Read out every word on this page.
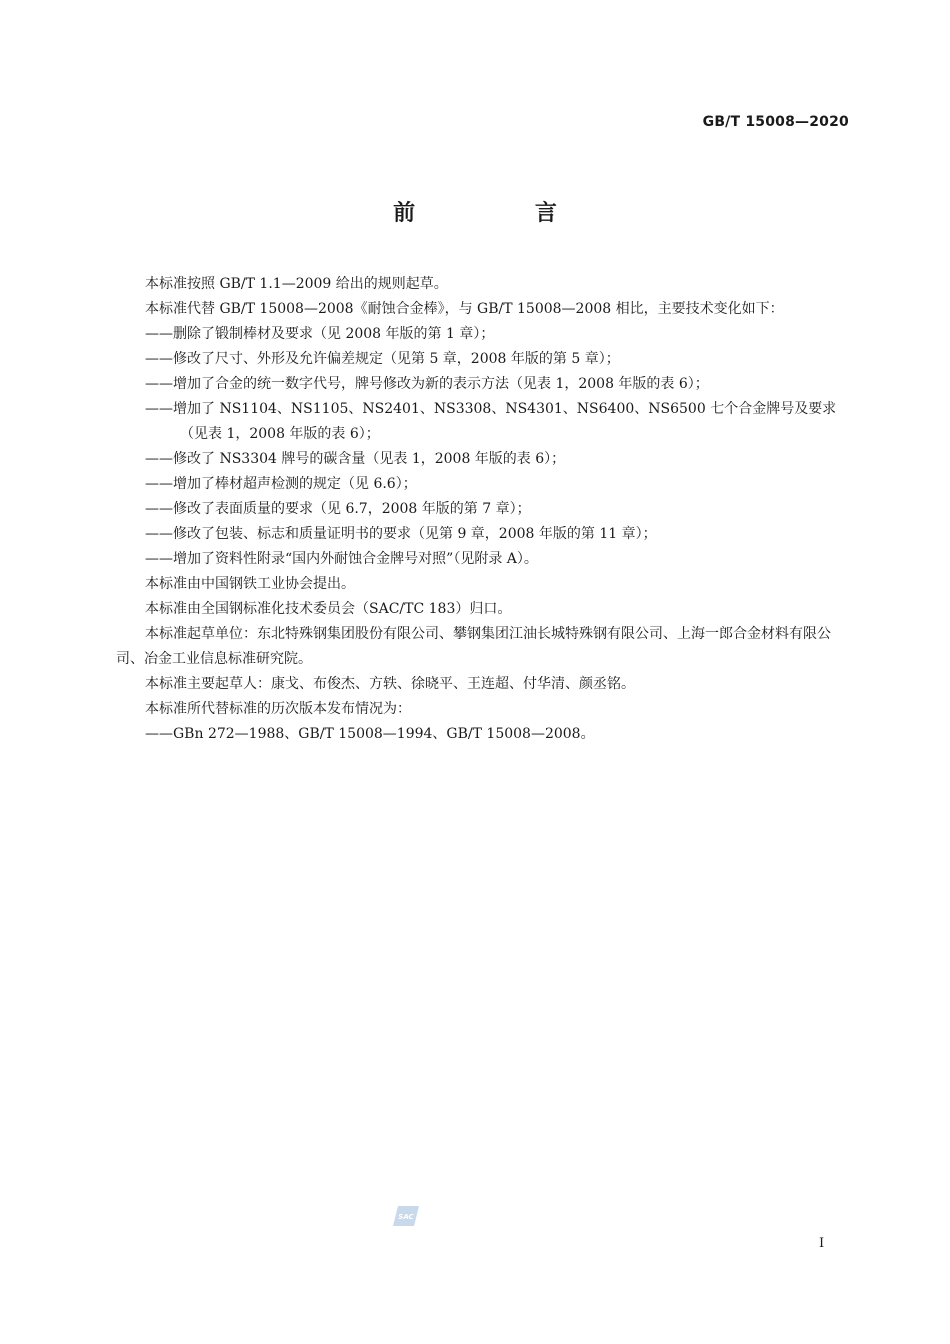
GB/T 15008—2020
前 言

本标准按照 GB/T 1.1—2009 给出的规则起草。

本标准代替 GB/T 15008—2008《耐蚀合金棒》，与 GB/T 15008—2008 相比，主要技术变化如下：

——删除了锻制棒材及要求（见 2008 年版的第 1 章）；

——修改了尺寸、外形及允许偏差规定（见第 5 章，2008 年版的第 5 章）；

——增加了合金的统一数字代号，牌号修改为新的表示方法（见表 1，2008 年版的表 6）；

——增加了 NS1104、NS1105、NS2401、NS3308、NS4301、NS6400、NS6500 七个合金牌号及要求

（见表 1，2008 年版的表 6）；

——修改了 NS3304 牌号的碳含量（见表 1，2008 年版的表 6）；

——增加了棒材超声检测的规定（见 6.6）；

——修改了表面质量的要求（见 6.7，2008 年版的第 7 章）；

——修改了包装、标志和质量证明书的要求（见第 9 章，2008 年版的第 11 章）；

——增加了资料性附录“国内外耐蚀合金牌号对照”（见附录 A）。

本标准由中国钢铁工业协会提出。

本标准由全国钢标准化技术委员会（SAC/TC 183）归口。

本标准起草单位：东北特殊钢集团股份有限公司、攀钢集团江油长城特殊钢有限公司、上海一郎合金材料有限公司、冶金工业信息标准研究院。

本标准主要起草人：康戈、布俊杰、方轶、徐晓平、王连超、付华清、颜丞铭。

本标准所代替标准的历次版本发布情况为：

——GBn 272—1988、GB/T 15008—1994、GB/T 15008—2008。

SAC
I
